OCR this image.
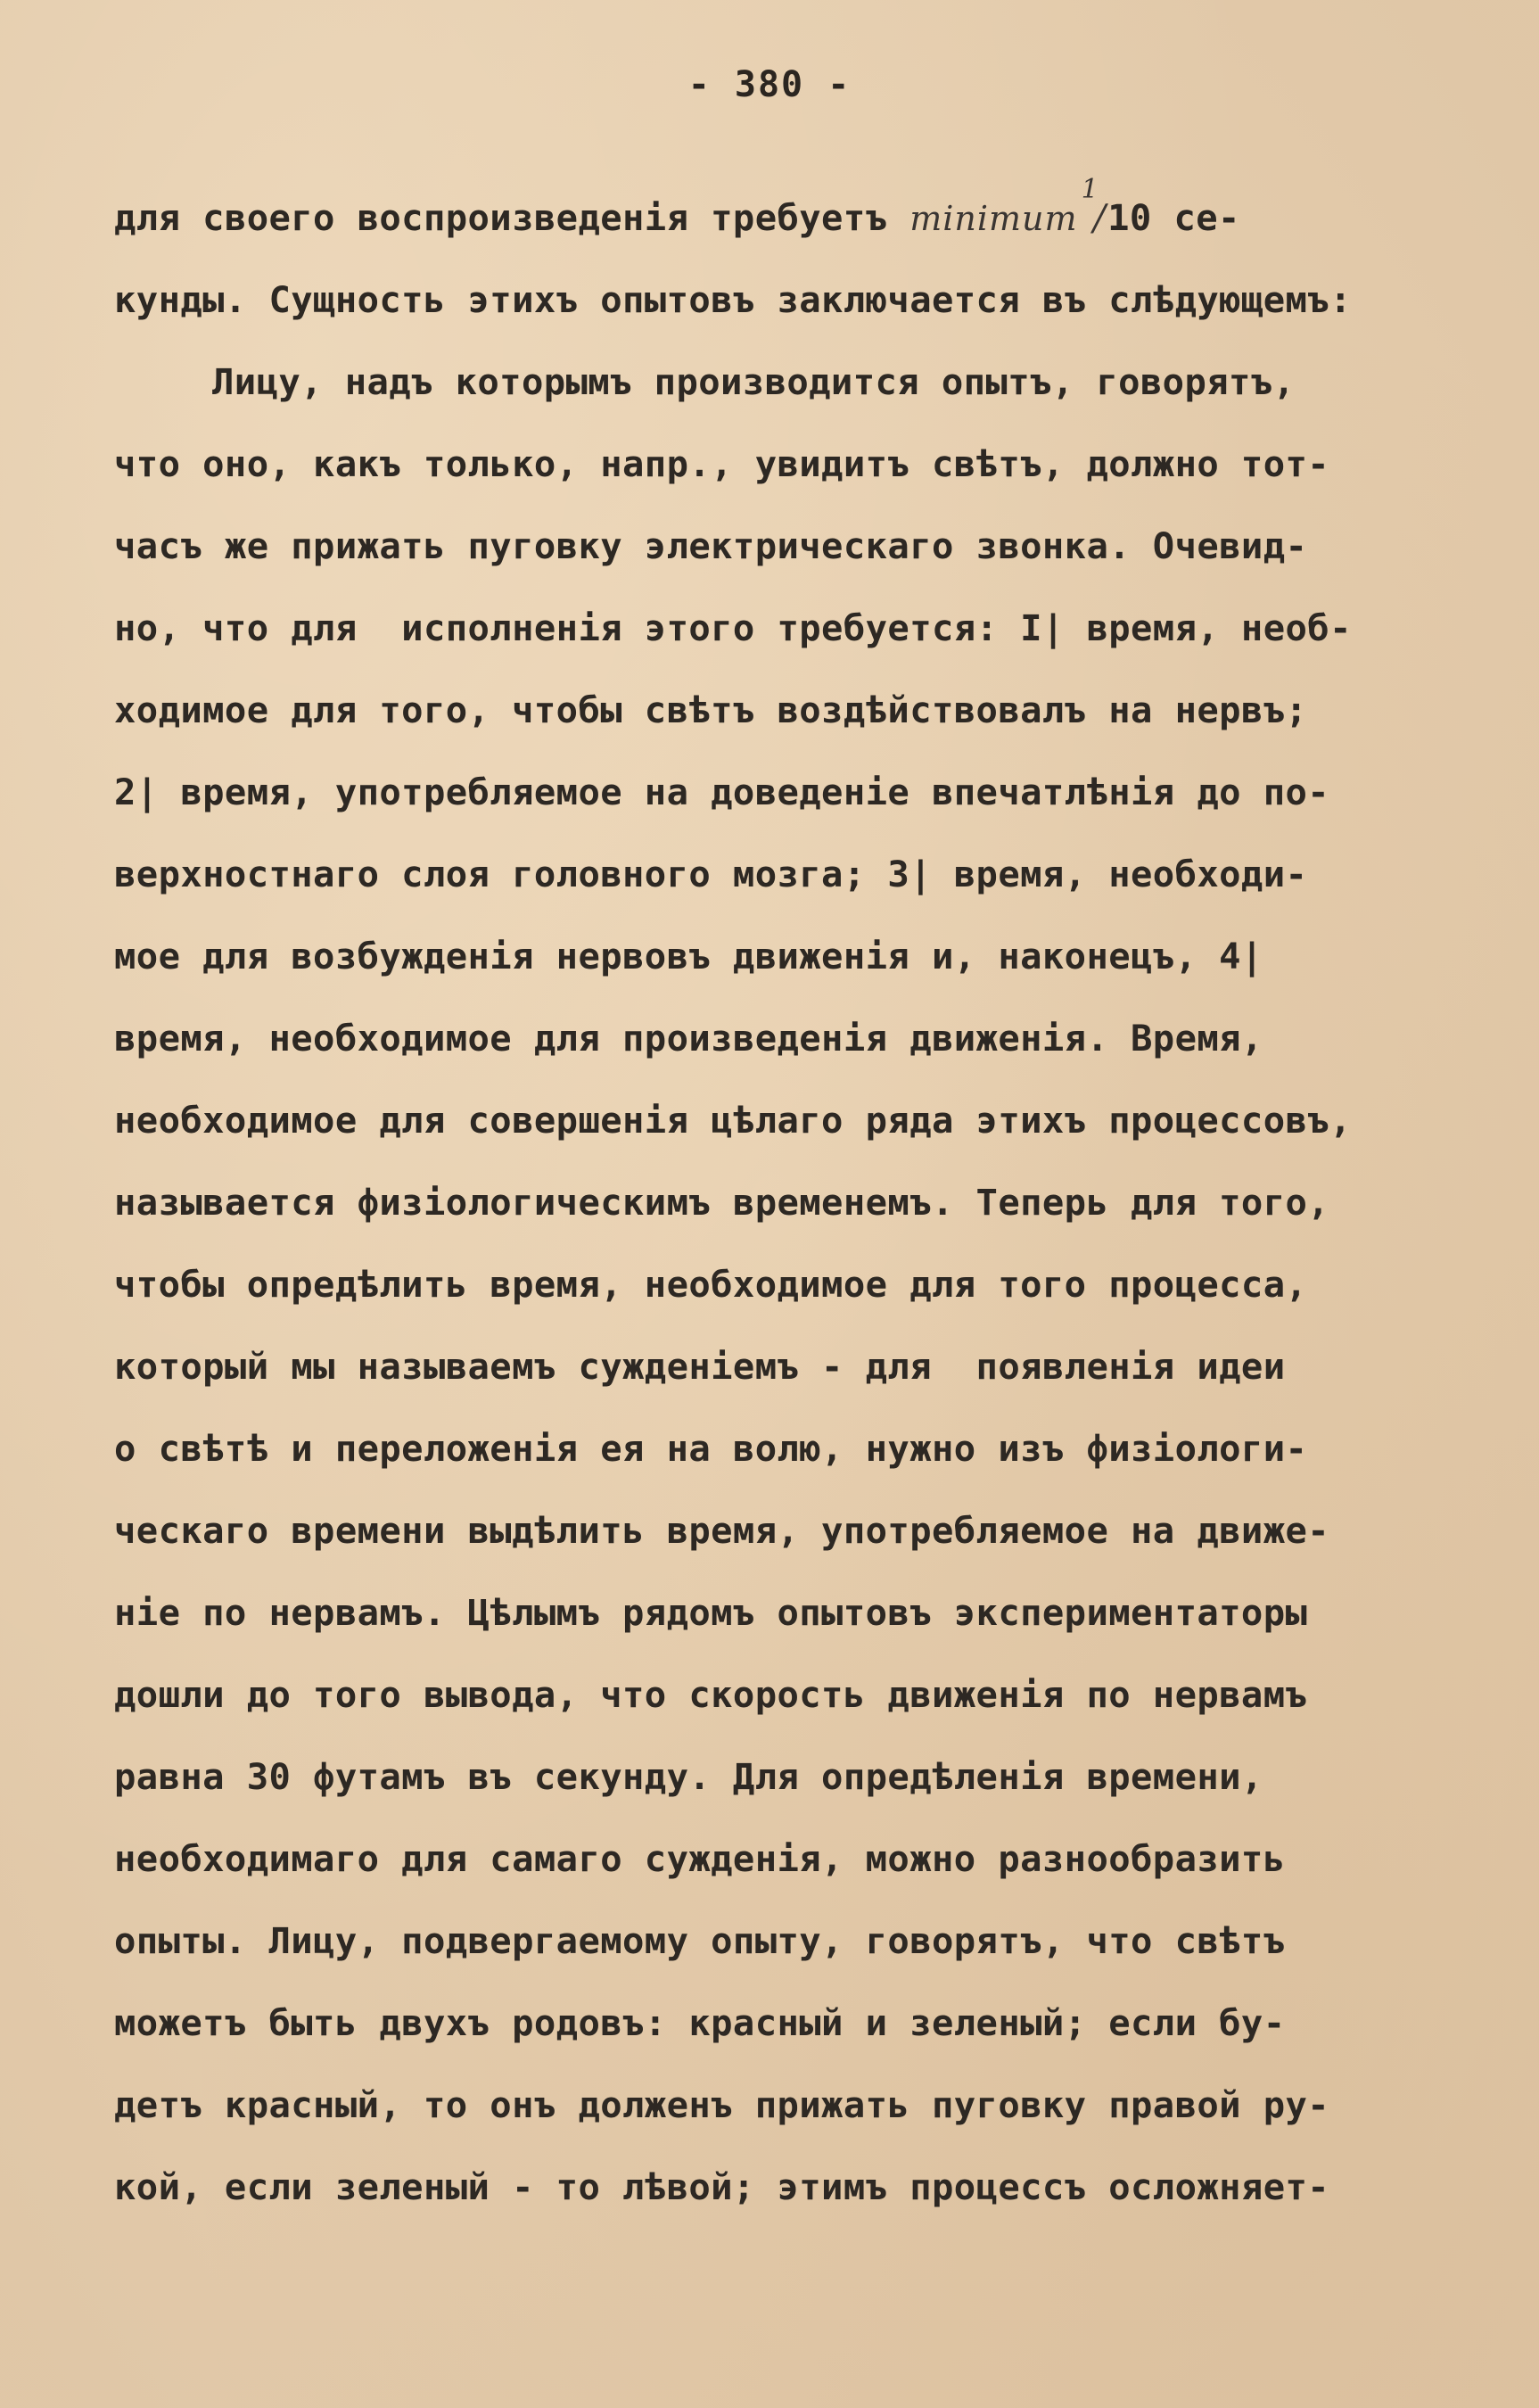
- 380 -
для своего воспроизведенія требуетъ minimum$^1$/10 се-
кунды. Сущность этихъ опытовъ заключается въ слѣдующемъ:
Лицу, надъ которымъ производится опытъ, говорятъ,
что оно, какъ только, напр., увидитъ свѣтъ, должно тот-
часъ же прижать пуговку электрическаго звонка. Очевид-
но, что для  исполненія этого требуется: I| время, необ-
ходимое для того, чтобы свѣтъ воздѣйствовалъ на нервъ;
2| время, употребляемое на доведеніе впечатлѣнія до по-
верхностнаго слоя головного мозга; 3| время, необходи-
мое для возбужденія нервовъ движенія и, наконецъ, 4|
время, необходимое для произведенія движенія. Время,
необходимое для совершенія цѣлаго ряда этихъ процессовъ,
называется физіологическимъ временемъ. Теперь для того,
чтобы опредѣлить время, необходимое для того процесса,
который мы называемъ сужденіемъ - для  появленія идеи
о свѣтѣ и переложенія ея на волю, нужно изъ физіологи-
ческаго времени выдѣлить время, употребляемое на движе-
ніе по нервамъ. Цѣлымъ рядомъ опытовъ экспериментаторы
дошли до того вывода, что скорость движенія по нервамъ
равна 30 футамъ въ секунду. Для опредѣленія времени,
необходимаго для самаго сужденія, можно разнообразить
опыты. Лицу, подвергаемому опыту, говорятъ, что свѣтъ
можетъ быть двухъ родовъ: красный и зеленый; если бу-
детъ красный, то онъ долженъ прижать пуговку правой ру-
кой, если зеленый - то лѣвой; этимъ процессъ осложняет-
